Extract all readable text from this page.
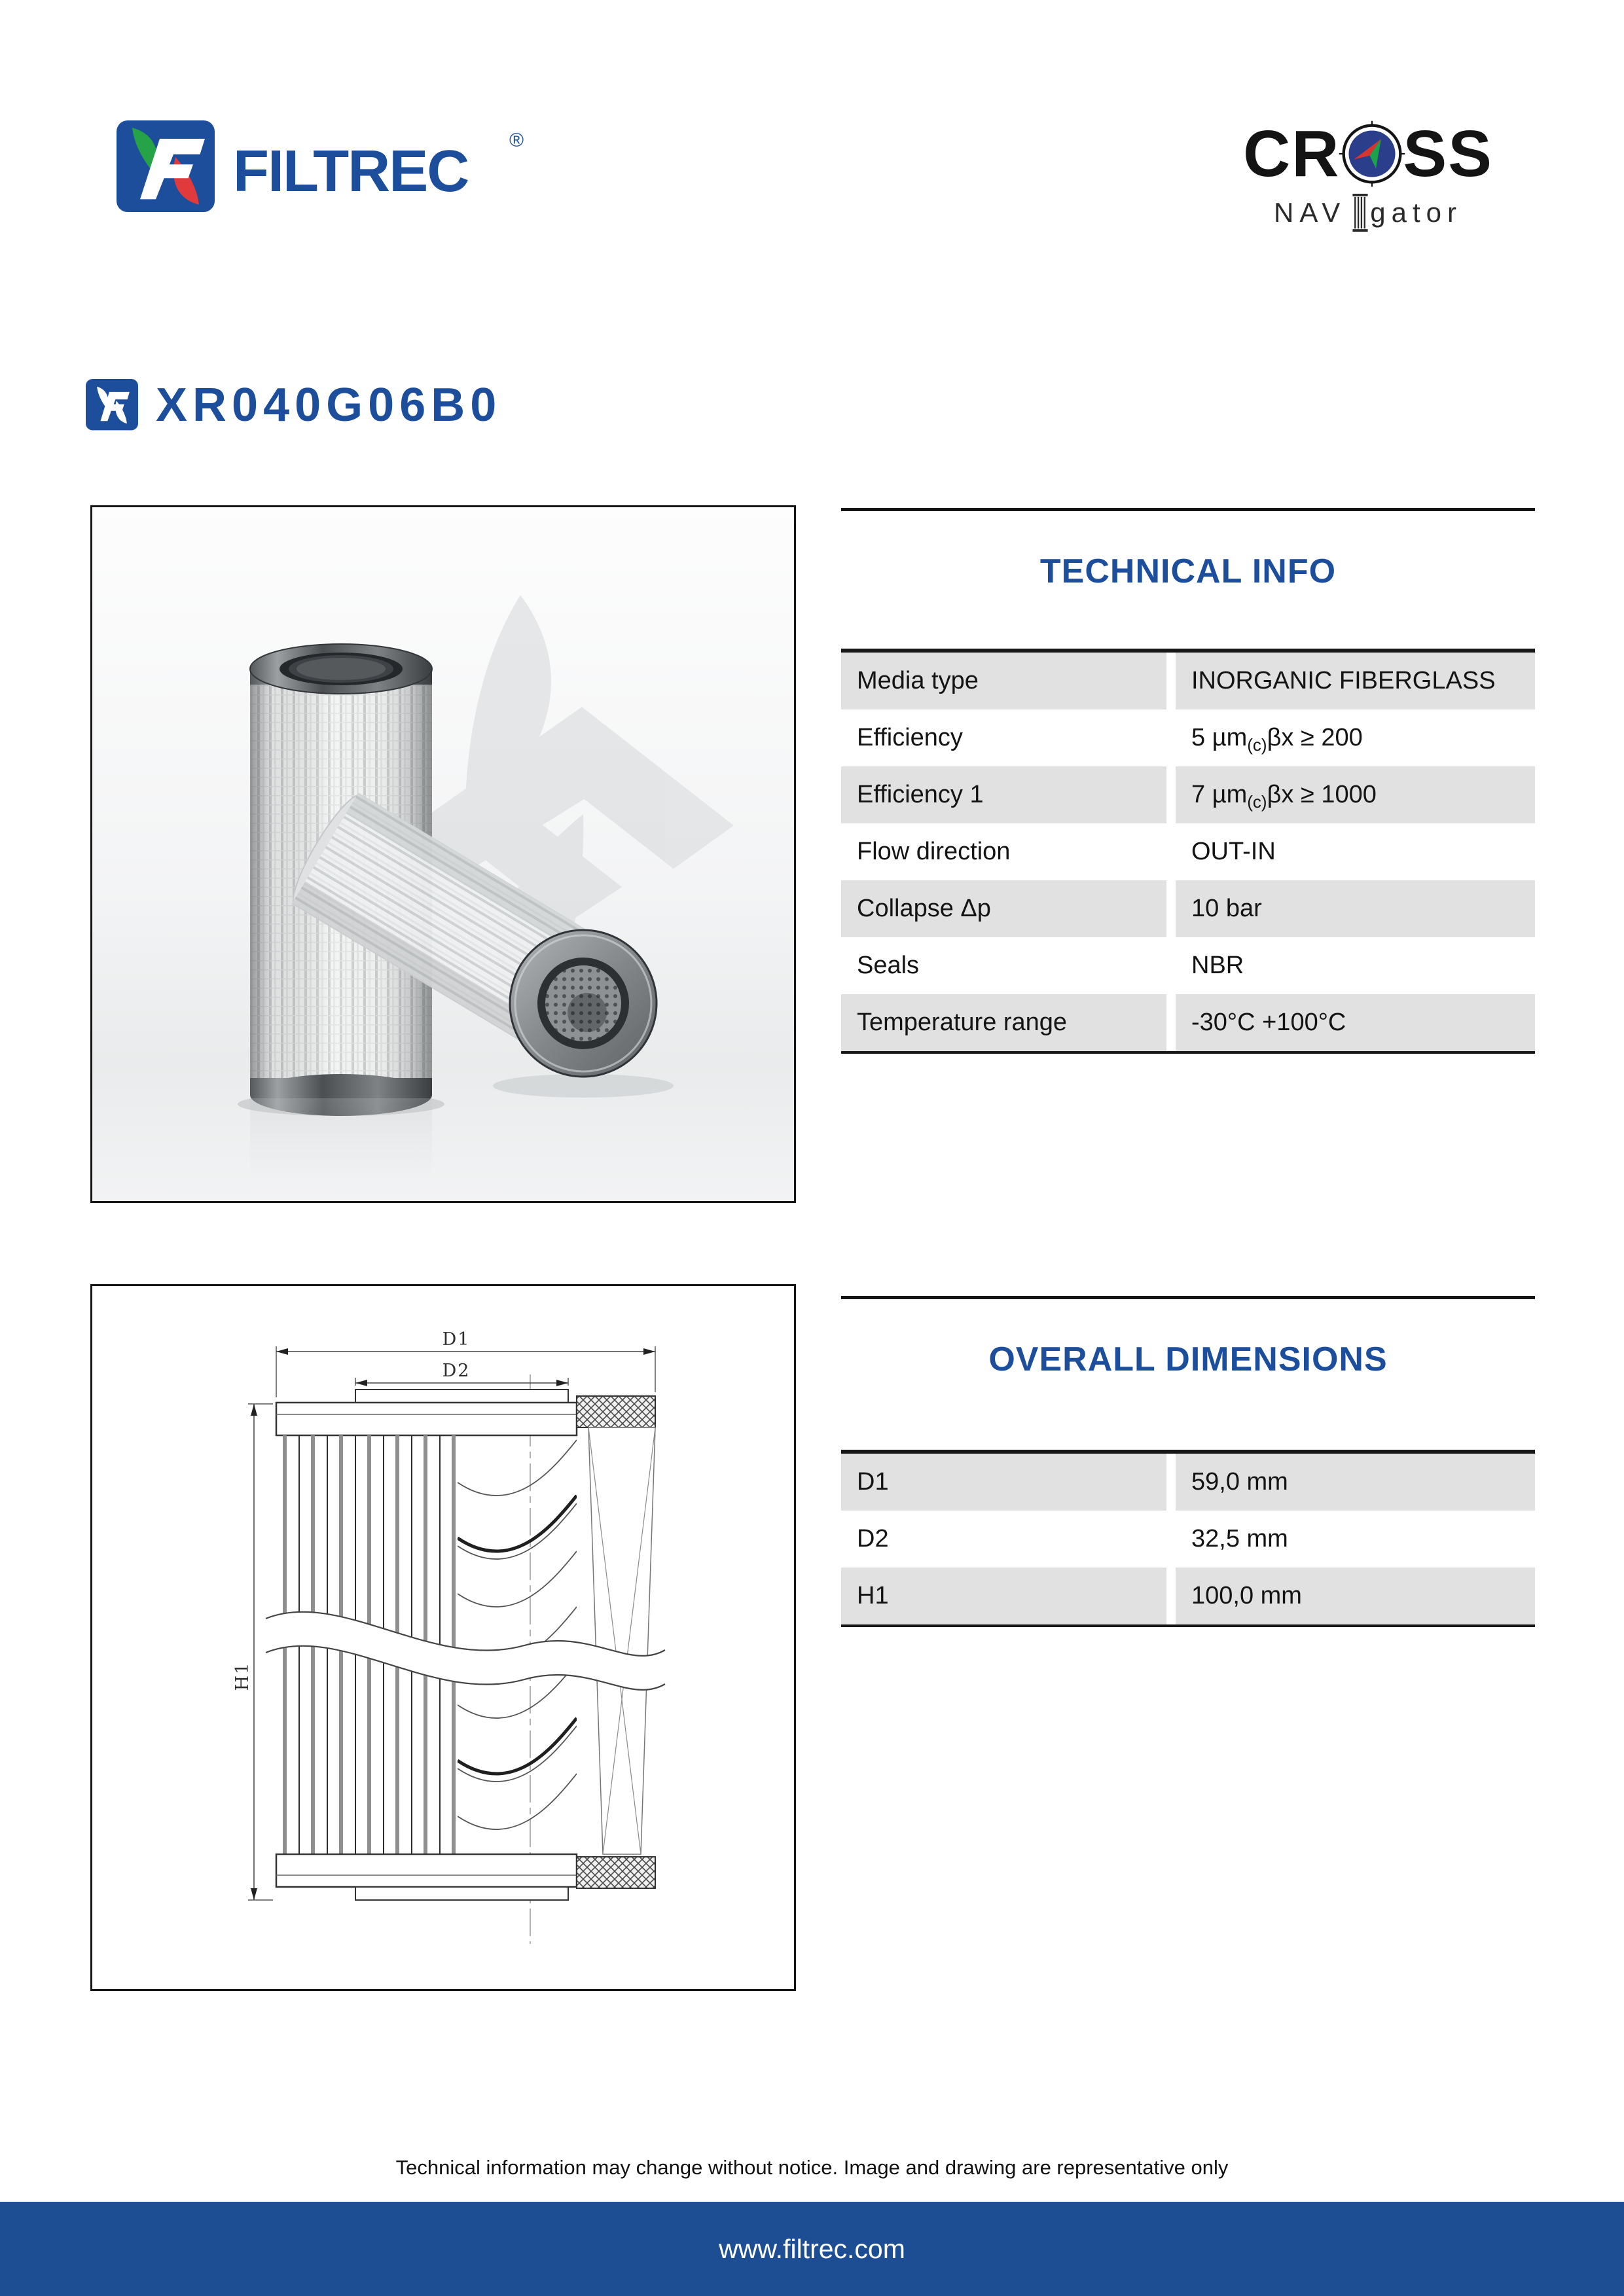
FILTREC ®	CR SS
NAV gator
XR040G06B0
TECHNICAL INFO
Media type	INORGANIC FIBERGLASS
Efficiency	5 µm (c) βx ≥ 200
Efficiency 1	7 µm (c) βx ≥ 1000
Flow direction	OUT-IN
Collapse Δp	10 bar
Seals	NBR
Temperature range	-30°C +100°C
D1
D2
H1
OVERALL DIMENSIONS
D1	59,0 mm
D2	32,5 mm
H1	100,0 mm
Technical information may change without notice. Image and drawing are representative only
www.filtrec.com
